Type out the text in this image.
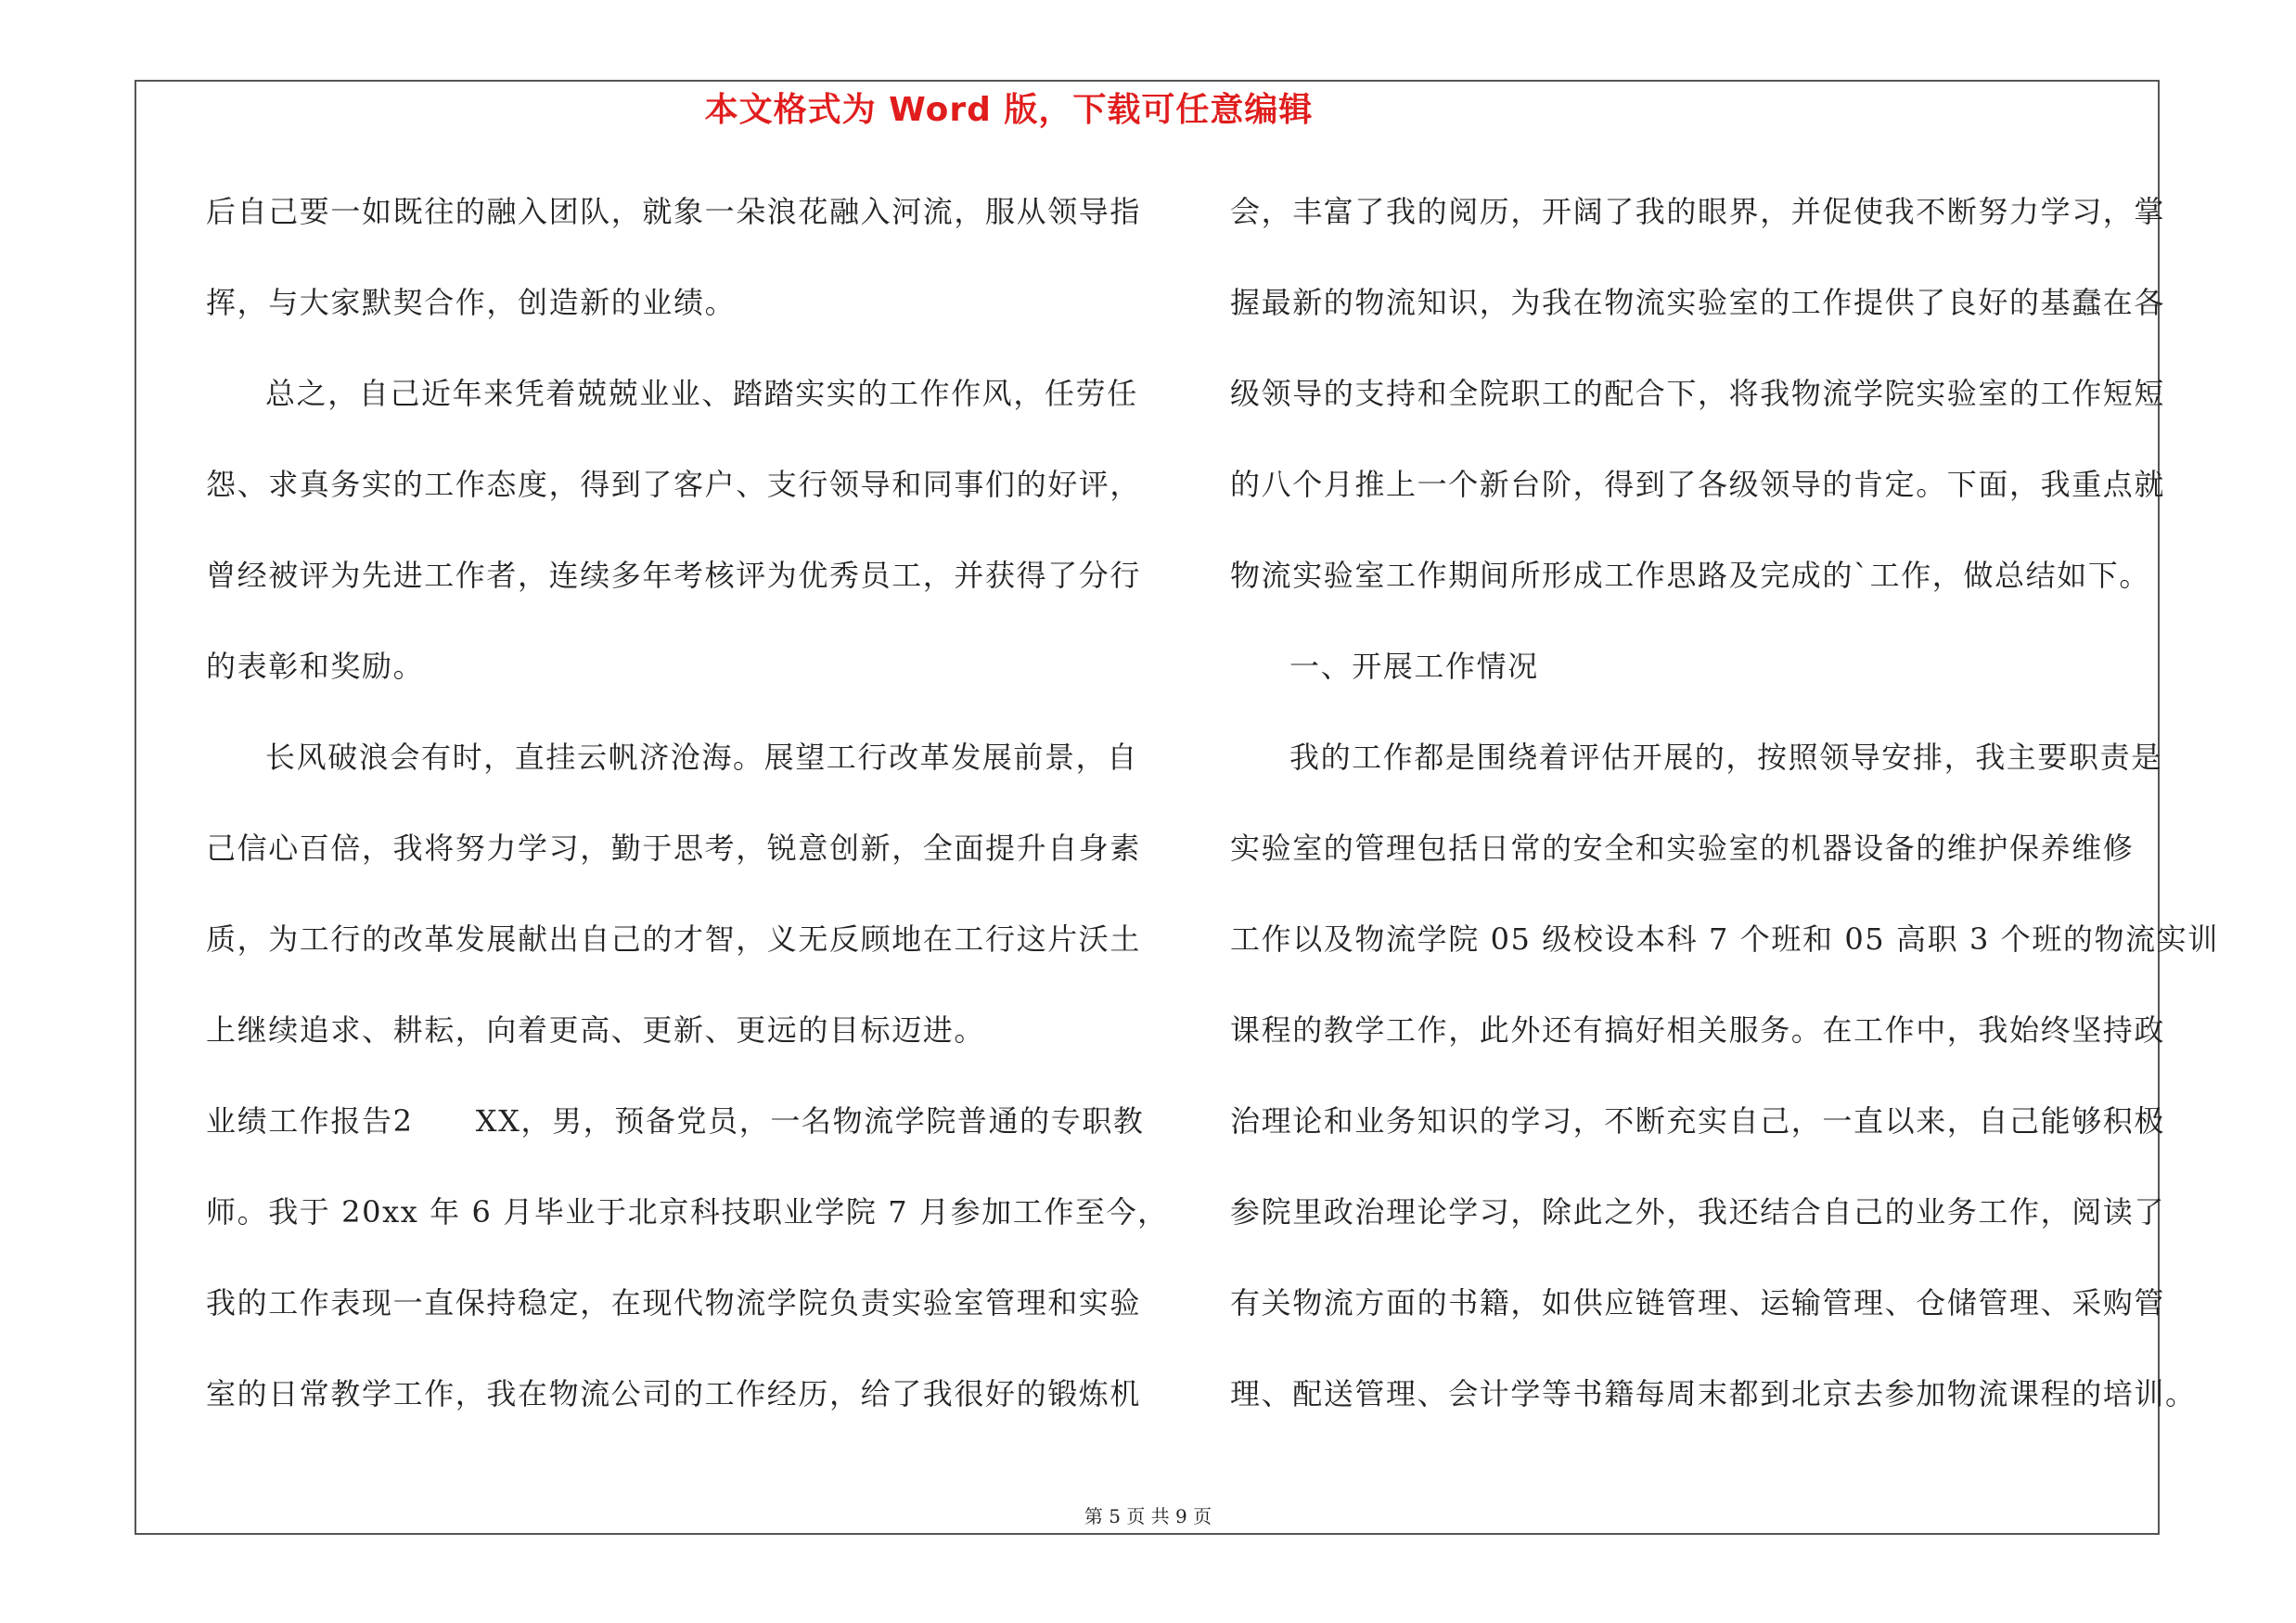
本文格式为 Word 版，下载可任意编辑
后自己要一如既往的融入团队，就象一朵浪花融入河流，服从领导指
挥，与大家默契合作，创造新的业绩。
总之，自己近年来凭着兢兢业业、踏踏实实的工作作风，任劳任
怨、求真务实的工作态度，得到了客户、支行领导和同事们的好评，
曾经被评为先进工作者，连续多年考核评为优秀员工，并获得了分行
的表彰和奖励。
长风破浪会有时，直挂云帆济沧海。展望工行改革发展前景，自
己信心百倍，我将努力学习，勤于思考，锐意创新，全面提升自身素
质，为工行的改革发展献出自己的才智，义无反顾地在工行这片沃土
上继续追求、耕耘，向着更高、更新、更远的目标迈进。
业绩工作报告2　　XX，男，预备党员，一名物流学院普通的专职教
师。我于 20xx 年 6 月毕业于北京科技职业学院 7 月参加工作至今，
我的工作表现一直保持稳定，在现代物流学院负责实验室管理和实验
室的日常教学工作，我在物流公司的工作经历，给了我很好的锻炼机
会，丰富了我的阅历，开阔了我的眼界，并促使我不断努力学习，掌
握最新的物流知识，为我在物流实验室的工作提供了良好的基蠢在各
级领导的支持和全院职工的配合下，将我物流学院实验室的工作短短
的八个月推上一个新台阶，得到了各级领导的肯定。下面，我重点就
物流实验室工作期间所形成工作思路及完成的`工作，做总结如下。
一、开展工作情况
我的工作都是围绕着评估开展的，按照领导安排，我主要职责是
实验室的管理包括日常的安全和实验室的机器设备的维护保养维修
工作以及物流学院 05 级校设本科 7 个班和 05 高职 3 个班的物流实训
课程的教学工作，此外还有搞好相关服务。在工作中，我始终坚持政
治理论和业务知识的学习，不断充实自己，一直以来，自己能够积极
参院里政治理论学习，除此之外，我还结合自己的业务工作，阅读了
有关物流方面的书籍，如供应链管理、运输管理、仓储管理、采购管
理、配送管理、会计学等书籍每周末都到北京去参加物流课程的培训。
第 5 页 共 9 页
